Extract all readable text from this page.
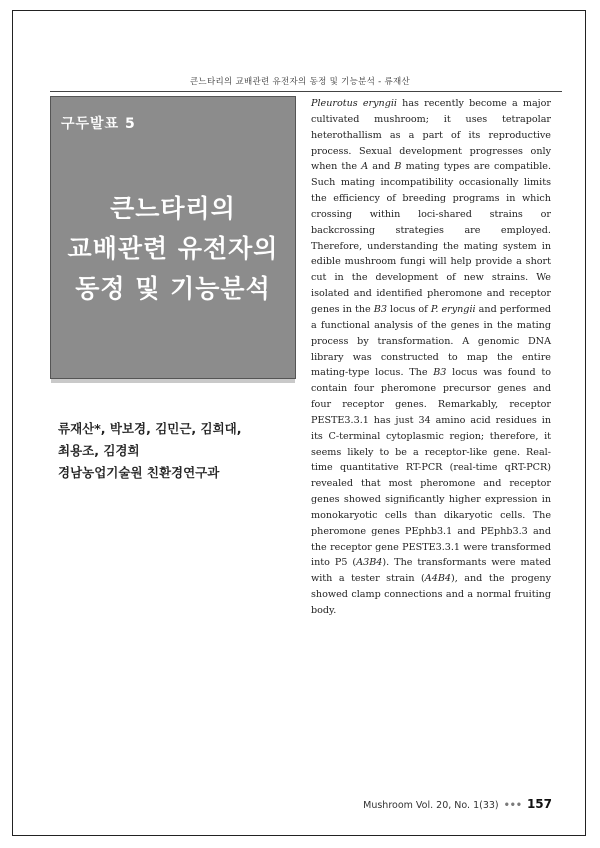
큰느타리의 교배관련 유전자의 동정 및 기능분석 - 류재산
구두발표 5
큰느타리의
교배관련 유전자의
동정 및 기능분석
류재산*, 박보경, 김민근, 김희대,
최용조, 김경희
경남농업기술원 친환경연구과

Pleurotus eryngii has recently become a major cultivated mushroom; it uses tetrapolar heterothallism as a part of its reproductive process. Sexual development progresses only when the A and B mating types are compatible. Such mating incompatibility occasionally limits the efficiency of breeding programs in which crossing within loci-shared strains or backcrossing strategies are employed. Therefore, understanding the mating system in edible mushroom fungi will help provide a short cut in the development of new strains. We isolated and identified pheromone and receptor genes in the B3 locus of P. eryngii and performed a functional analysis of the genes in the mating process by transformation. A genomic DNA library was constructed to map the entire mating-type locus. The B3 locus was found to contain four pheromone precursor genes and four receptor genes. Remarkably, receptor PESTE3.3.1 has just 34 amino acid residues in its C-terminal cytoplasmic region; therefore, it seems likely to be a receptor-like gene. Real-time quantitative RT-PCR (real-time qRT-PCR) revealed that most pheromone and receptor genes showed significantly higher expression in monokaryotic cells than dikaryotic cells. The pheromone genes PEphb3.1 and PEphb3.3 and the receptor gene PESTE3.3.1 were transformed into P5 (A3B4). The transformants were mated with a tester strain (A4B4), and the progeny showed clamp connections and a normal fruiting body.

Mushroom Vol. 20, No. 1(33) ••• 157
